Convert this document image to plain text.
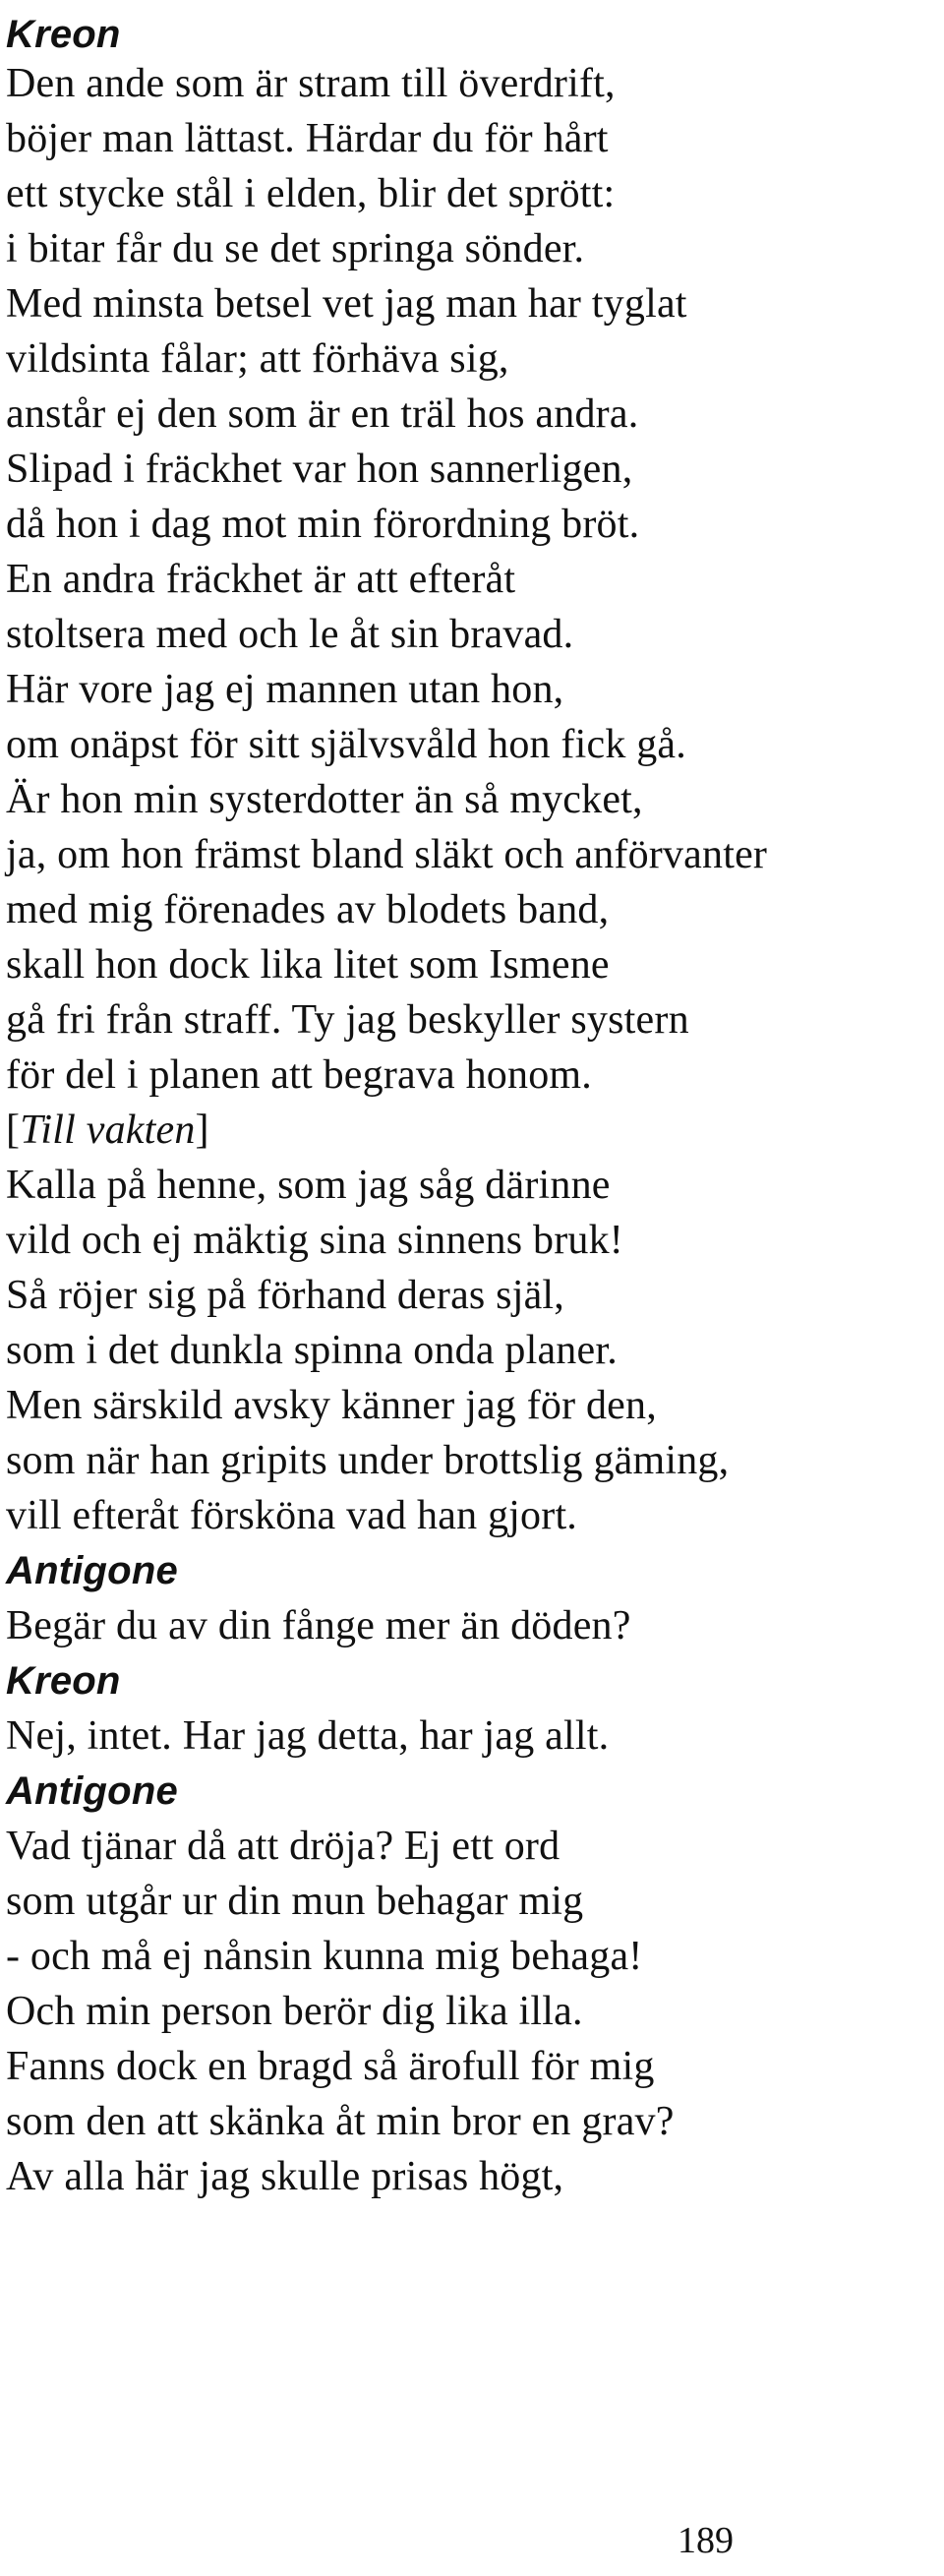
Kreon
Den ande som är stram till överdrift,
böjer man lättast. Härdar du för hårt
ett stycke stål i elden, blir det sprött:
i bitar får du se det springa sönder.
Med minsta betsel vet jag man har tyglat
vildsinta fålar; att förhäva sig,
anstår ej den som är en träl hos andra.
Slipad i fräckhet var hon sannerligen,
då hon i dag mot min förordning bröt.
En andra fräckhet är att efteråt
stoltsera med och le åt sin bravad.
Här vore jag ej mannen utan hon,
om onäpst för sitt självsvåld hon fick gå.
Är hon min systerdotter än så mycket,
ja, om hon främst bland släkt och anförvanter
med mig förenades av blodets band,
skall hon dock lika litet som Ismene
gå fri från straff. Ty jag beskyller systern
för del i planen att begrava honom.
[Till vakten]
Kalla på henne, som jag såg därinne
vild och ej mäktig sina sinnens bruk!
Så röjer sig på förhand deras själ,
som i det dunkla spinna onda planer.
Men särskild avsky känner jag för den,
som när han gripits under brottslig gäming,
vill efteråt försköna vad han gjort.
Antigone
Begär du av din fånge mer än döden?
Kreon
Nej, intet. Har jag detta, har jag allt.
Antigone
Vad tjänar då att dröja? Ej ett ord
som utgår ur din mun behagar mig
- och må ej nånsin kunna mig behaga!
Och min person berör dig lika illa.
Fanns dock en bragd så ärofull för mig
som den att skänka åt min bror en grav?
Av alla här jag skulle prisas högt,
189
